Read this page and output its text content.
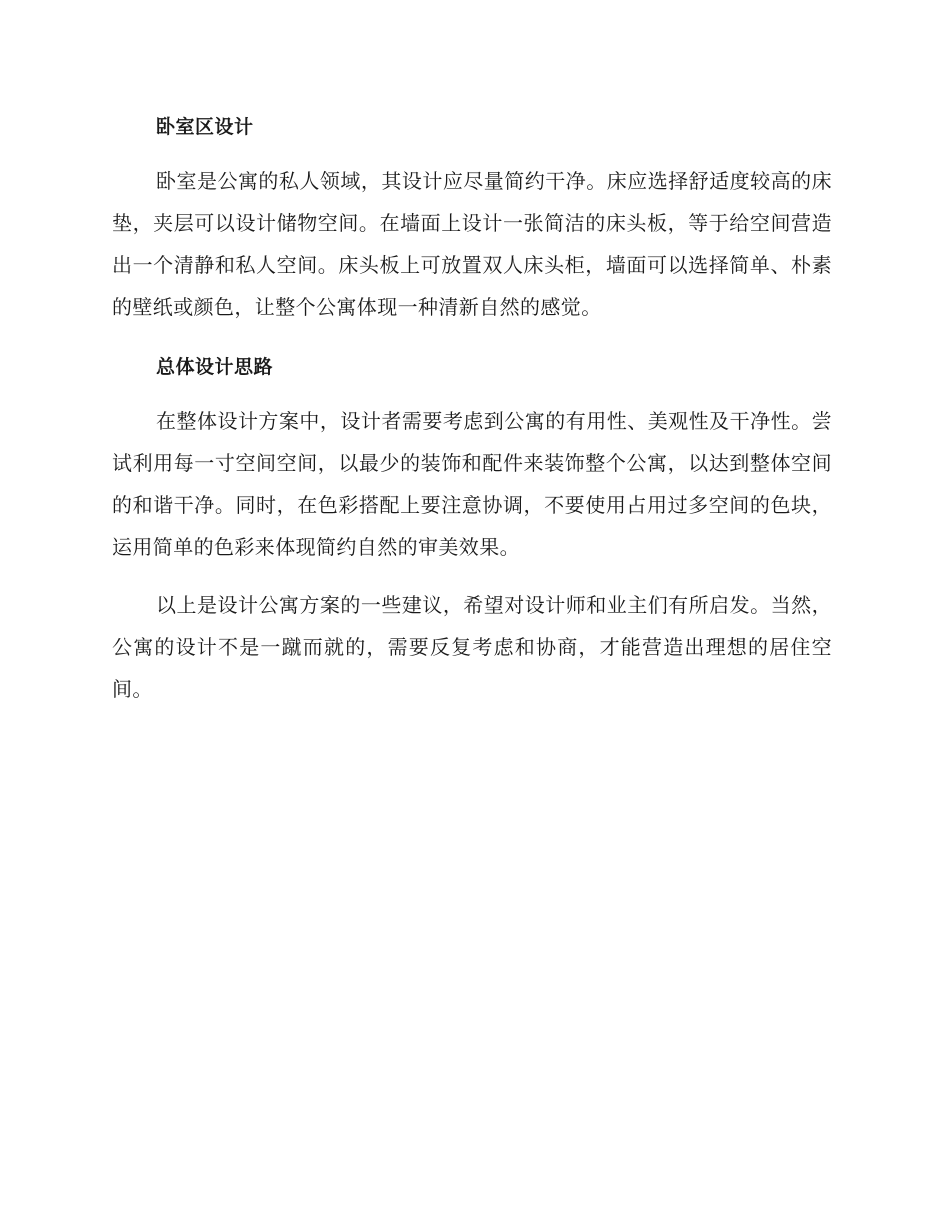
卧室区设计

卧室是公寓的私人领域，其设计应尽量简约干净。床应选择舒适度较高的床垫，夹层可以设计储物空间。在墙面上设计一张简洁的床头板，等于给空间营造出一个清静和私人空间。床头板上可放置双人床头柜，墙面可以选择简单、朴素的壁纸或颜色，让整个公寓体现一种清新自然的感觉。

总体设计思路

在整体设计方案中，设计者需要考虑到公寓的有用性、美观性及干净性。尝试利用每一寸空间空间，以最少的装饰和配件来装饰整个公寓，以达到整体空间的和谐干净。同时，在色彩搭配上要注意协调，不要使用占用过多空间的色块，运用简单的色彩来体现简约自然的审美效果。

以上是设计公寓方案的一些建议，希望对设计师和业主们有所启发。当然，公寓的设计不是一蹴而就的，需要反复考虑和协商，才能营造出理想的居住空间。
